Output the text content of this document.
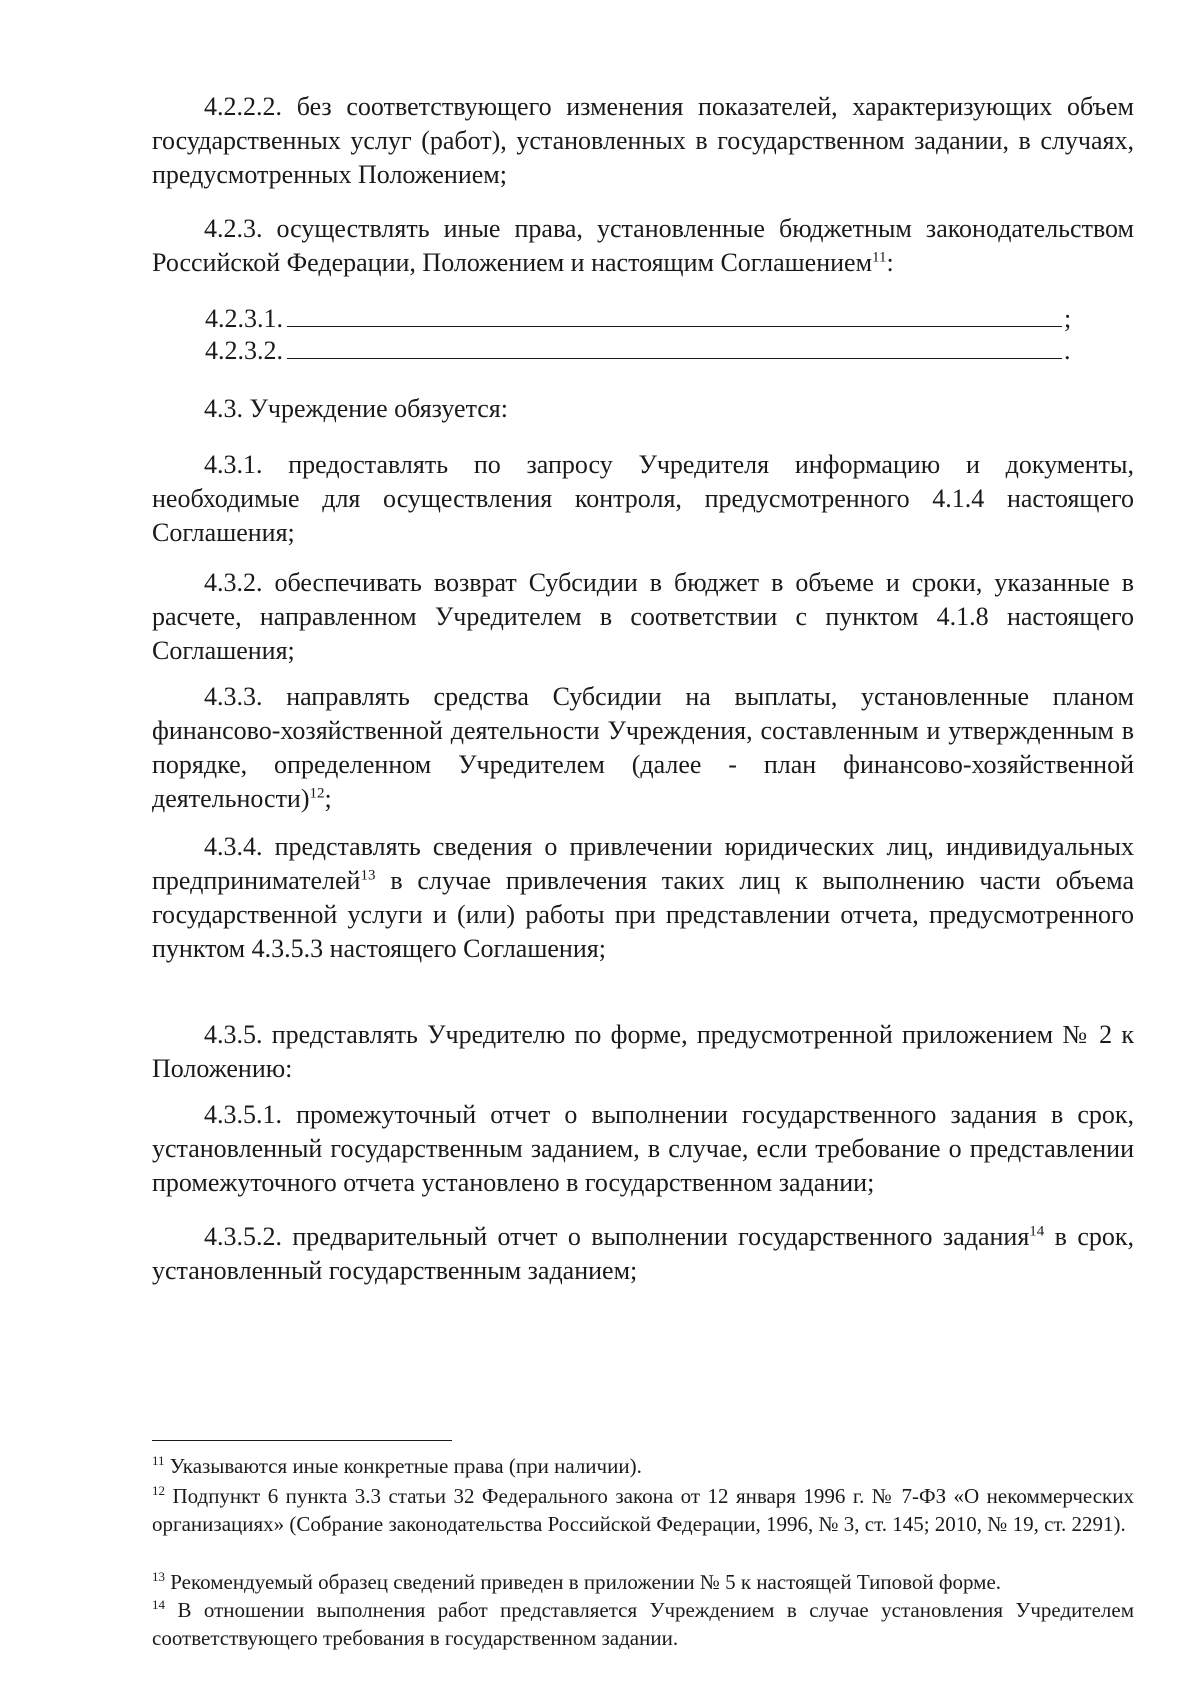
4.2.2.2. без соответствующего изменения показателей, характеризующих объем государственных услуг (работ), установленных в государственном задании, в случаях, предусмотренных Положением;
4.2.3. осуществлять иные права, установленные бюджетным законодательством Российской Федерации, Положением и настоящим Соглашением$^{11}$:
4.2.3.1.	;
4.2.3.2.	.
4.3. Учреждение обязуется:
4.3.1. предоставлять по запросу Учредителя информацию и документы, необходимые для осуществления контроля, предусмотренного 4.1.4 настоящего Соглашения;
4.3.2. обеспечивать возврат Субсидии в бюджет в объеме и сроки, указанные в расчете, направленном Учредителем в соответствии с пунктом 4.1.8 настоящего Соглашения;
4.3.3. направлять средства Субсидии на выплаты, установленные планом финансово-хозяйственной деятельности Учреждения, составленным и утвержденным в порядке, определенном Учредителем (далее - план финансово-хозяйственной деятельности)$^{12}$;
4.3.4. представлять сведения о привлечении юридических лиц, индивидуальных предпринимателей$^{13}$ в случае привлечения таких лиц к выполнению части объема государственной услуги и (или) работы при представлении отчета, предусмотренного пунктом 4.3.5.3 настоящего Соглашения;
4.3.5. представлять Учредителю по форме, предусмотренной приложением № 2 к Положению:
4.3.5.1. промежуточный отчет о выполнении государственного задания в срок, установленный государственным заданием, в случае, если требование о представлении промежуточного отчета установлено в государственном задании;
4.3.5.2. предварительный отчет о выполнении государственного задания$^{14}$ в срок, установленный государственным заданием;
$^{11}$ Указываются иные конкретные права (при наличии).
$^{12}$ Подпункт 6 пункта 3.3 статьи 32 Федерального закона от 12 января 1996 г. № 7-ФЗ «О некоммерческих организациях» (Собрание законодательства Российской Федерации, 1996, № 3, ст. 145; 2010, № 19, ст. 2291).
$^{13}$ Рекомендуемый образец сведений приведен в приложении № 5 к настоящей Типовой форме.
$^{14}$ В отношении выполнения работ представляется Учреждением в случае установления Учредителем соответствующего требования в государственном задании.
